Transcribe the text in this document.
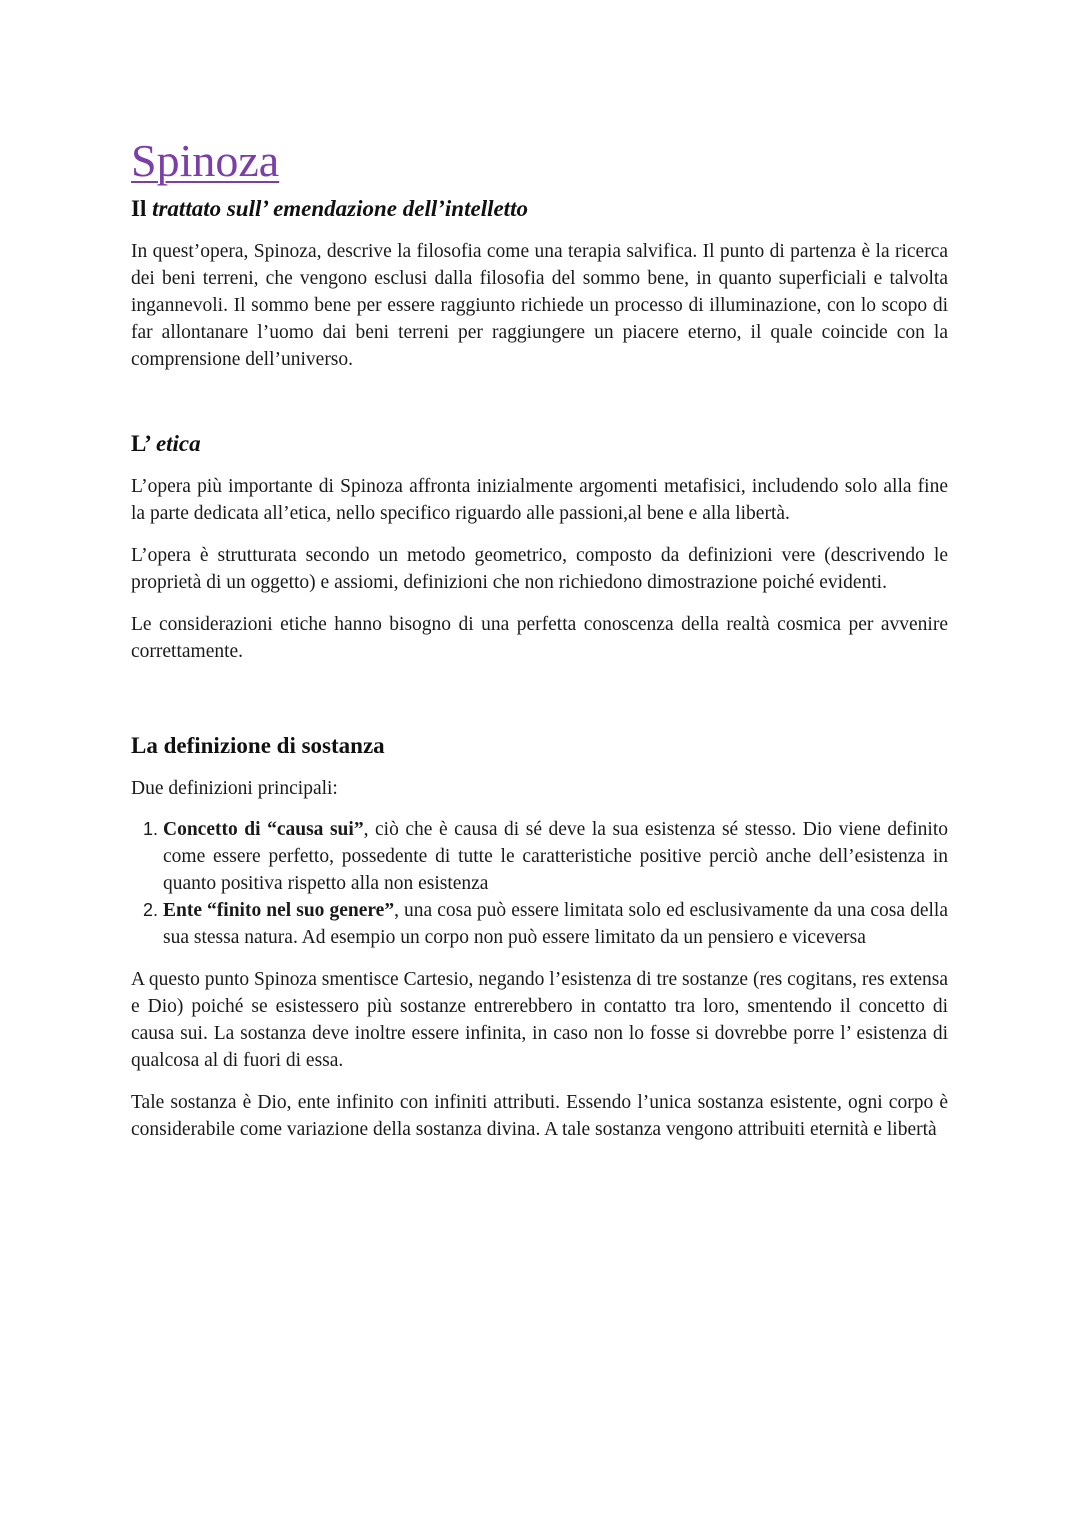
Spinoza
Il trattato sull’ emendazione dell’intelletto

In quest’opera, Spinoza, descrive la filosofia come una terapia salvifica. Il punto di partenza è la ricerca dei beni terreni, che vengono esclusi dalla filosofia del sommo bene, in quanto superficiali e talvolta ingannevoli. Il sommo bene per essere raggiunto richiede un processo di illuminazione, con lo scopo di far allontanare l’uomo dai beni terreni per raggiungere un piacere eterno, il quale coincide con la comprensione dell’universo.

L’ etica

L’opera più importante di Spinoza affronta inizialmente argomenti metafisici, includendo solo alla fine la parte dedicata all’etica, nello specifico riguardo alle passioni,al bene e alla libertà.

L’opera è strutturata secondo un metodo geometrico, composto da definizioni vere (descrivendo le proprietà di un oggetto) e assiomi, definizioni che non richiedono dimostrazione poiché evidenti.

Le considerazioni etiche hanno bisogno di una perfetta conoscenza della realtà cosmica per avvenire correttamente.

La definizione di sostanza

Due definizioni principali:

1. Concetto di “causa sui”, ciò che è causa di sé deve la sua esistenza sé stesso. Dio viene definito come essere perfetto, possedente di tutte le caratteristiche positive perciò anche dell’esistenza in quanto positiva rispetto alla non esistenza
2. Ente “finito nel suo genere”, una cosa può essere limitata solo ed esclusivamente da una cosa della sua stessa natura. Ad esempio un corpo non può essere limitato da un pensiero e viceversa

A questo punto Spinoza smentisce Cartesio, negando l’esistenza di tre sostanze (res cogitans, res extensa e Dio) poiché se esistessero più sostanze entrerebbero in contatto tra loro, smentendo il concetto di causa sui. La sostanza deve inoltre essere infinita, in caso non lo fosse si dovrebbe porre l’ esistenza di qualcosa al di fuori di essa.

Tale sostanza è Dio, ente infinito con infiniti attributi. Essendo l’unica sostanza esistente, ogni corpo è considerabile come variazione della sostanza divina. A tale sostanza vengono attribuiti eternità e libertà
